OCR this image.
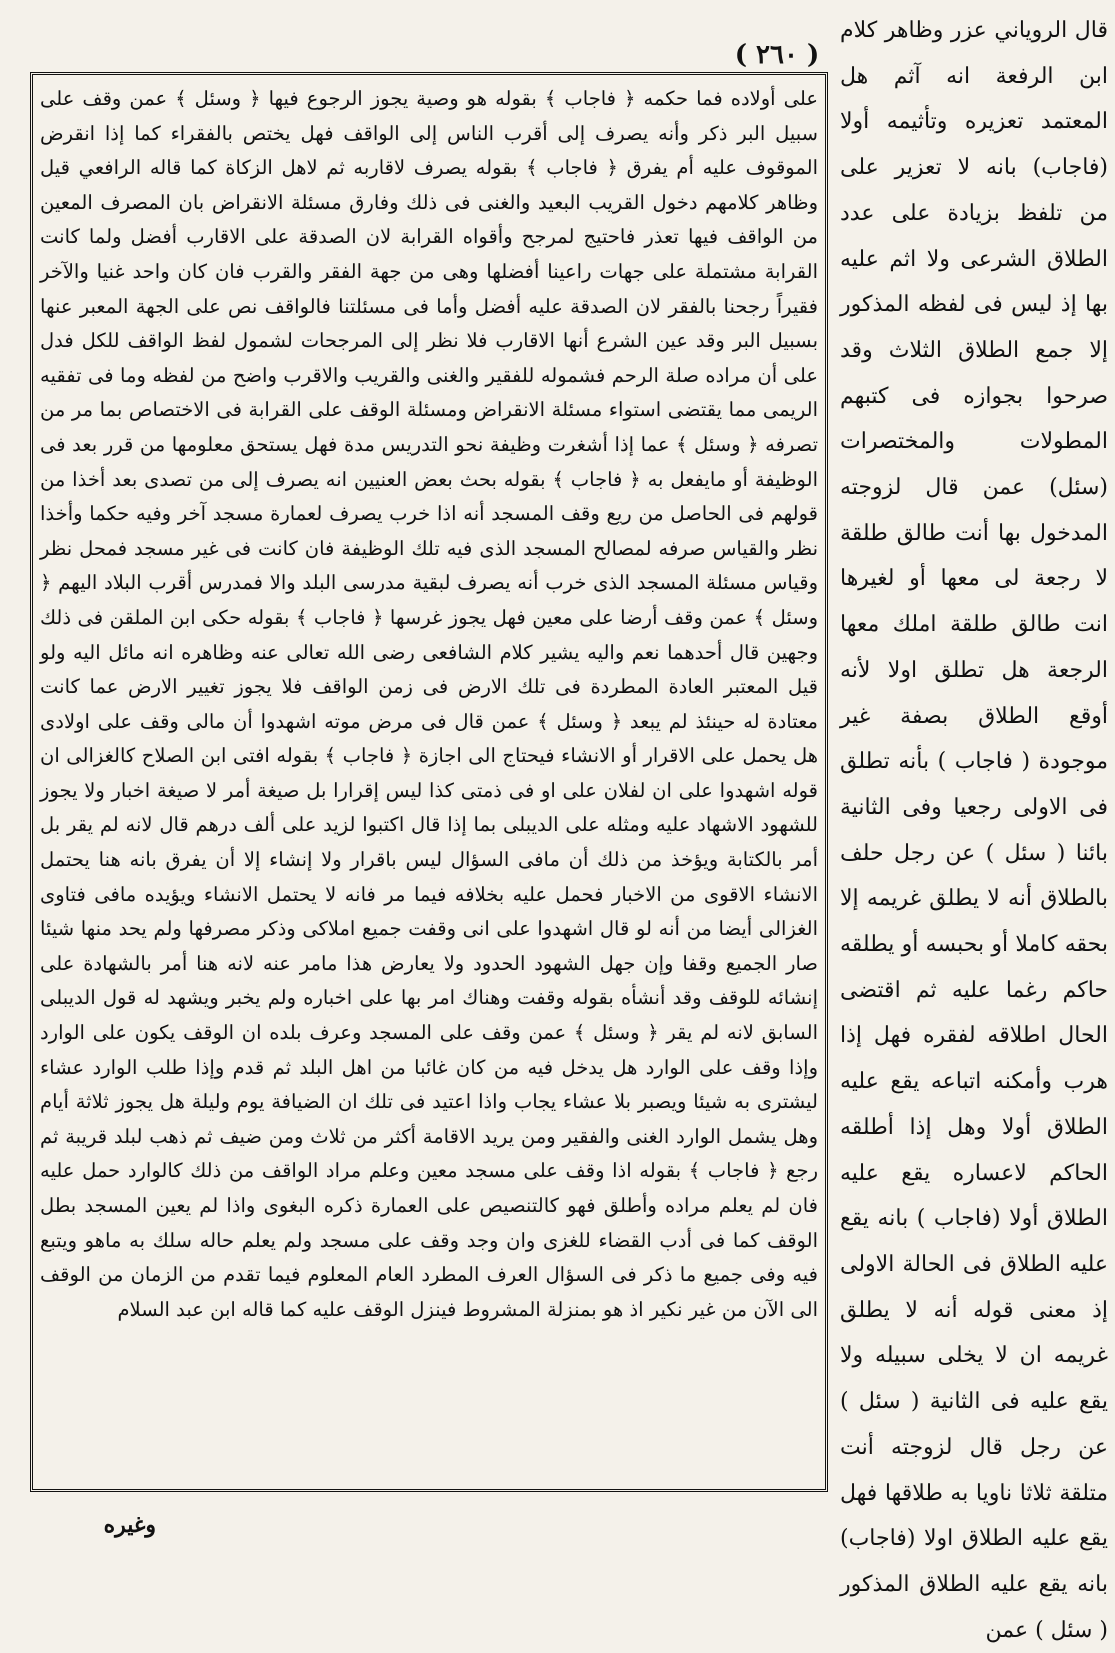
( ٢٦٠ )

على أولاده فما حكمه ﴿ فاجاب ﴾ بقوله هو وصية يجوز الرجوع فيها ﴿ وسئل ﴾ عمن وقف على سبيل البر ذكر وأنه يصرف إلى أقرب الناس إلى الواقف فهل يختص بالفقراء كما إذا انقرض الموقوف عليه أم يفرق ﴿ فاجاب ﴾ بقوله يصرف لاقاربه ثم لاهل الزكاة كما قاله الرافعي قيل وظاهر كلامهم دخول القريب البعيد والغنى فى ذلك وفارق مسئلة الانقراض بان المصرف المعين من الواقف فيها تعذر فاحتيج لمرجح وأقواه القرابة لان الصدقة على الاقارب أفضل ولما كانت القرابة مشتملة على جهات راعينا أفضلها وهى من جهة الفقر والقرب فان كان واحد غنيا والآخر فقيراً رجحنا بالفقر لان الصدقة عليه أفضل وأما فى مسئلتنا فالواقف نص على الجهة المعبر عنها بسبيل البر وقد عين الشرع أنها الاقارب فلا نظر إلى المرجحات لشمول لفظ الواقف للكل فدل على أن مراده صلة الرحم فشموله للفقير والغنى والقريب والاقرب واضح من لفظه وما فى تفقيه الريمى مما يقتضى استواء مسئلة الانقراض ومسئلة الوقف على القرابة فى الاختصاص بما مر من تصرفه ﴿ وسئل ﴾ عما إذا أشغرت وظيفة نحو التدريس مدة فهل يستحق معلومها من قرر بعد فى الوظيفة أو مايفعل به ﴿ فاجاب ﴾ بقوله بحث بعض العنيين انه يصرف إلى من تصدى بعد أخذا من قولهم فى الحاصل من ريع وقف المسجد أنه اذا خرب يصرف لعمارة مسجد آخر وفيه حكما وأخذا نظر والقياس صرفه لمصالح المسجد الذى فيه تلك الوظيفة فان كانت فى غير مسجد فمحل نظر وقياس مسئلة المسجد الذى خرب أنه يصرف لبقية مدرسى البلد والا فمدرس أقرب البلاد اليهم ﴿ وسئل ﴾ عمن وقف أرضا على معين فهل يجوز غرسها ﴿ فاجاب ﴾ بقوله حكى ابن الملقن فى ذلك وجهين قال أحدهما نعم واليه يشير كلام الشافعى رضى الله تعالى عنه وظاهره انه مائل اليه ولو قيل المعتبر العادة المطردة فى تلك الارض فى زمن الواقف فلا يجوز تغيير الارض عما كانت معتادة له حينئذ لم يبعد ﴿ وسئل ﴾ عمن قال فى مرض موته اشهدوا أن مالى وقف على اولادى هل يحمل على الاقرار أو الانشاء فيحتاج الى اجازة ﴿ فاجاب ﴾ بقوله افتى ابن الصلاح كالغزالى ان قوله اشهدوا على ان لفلان على او فى ذمتى كذا ليس إقرارا بل صيغة أمر لا صيغة اخبار ولا يجوز للشهود الاشهاد عليه ومثله على الديبلى بما إذا قال اكتبوا لزيد على ألف درهم قال لانه لم يقر بل أمر بالكتابة ويؤخذ من ذلك أن مافى السؤال ليس باقرار ولا إنشاء إلا أن يفرق بانه هنا يحتمل الانشاء الاقوى من الاخبار فحمل عليه بخلافه فيما مر فانه لا يحتمل الانشاء ويؤيده مافى فتاوى الغزالى أيضا من أنه لو قال اشهدوا على انى وقفت جميع املاكى وذكر مصرفها ولم يحد منها شيئا صار الجميع وقفا وإن جهل الشهود الحدود ولا يعارض هذا مامر عنه لانه هنا أمر بالشهادة على إنشائه للوقف وقد أنشأه بقوله وقفت وهناك امر بها على اخباره ولم يخبر ويشهد له قول الديبلى السابق لانه لم يقر ﴿ وسئل ﴾ عمن وقف على المسجد وعرف بلده ان الوقف يكون على الوارد وإذا وقف على الوارد هل يدخل فيه من كان غائبا من اهل البلد ثم قدم وإذا طلب الوارد عشاء ليشترى به شيئا ويصبر بلا عشاء يجاب واذا اعتيد فى تلك ان الضيافة يوم وليلة هل يجوز ثلاثة أيام وهل يشمل الوارد الغنى والفقير ومن يريد الاقامة أكثر من ثلاث ومن ضيف ثم ذهب لبلد قريبة ثم رجع ﴿ فاجاب ﴾ بقوله اذا وقف على مسجد معين وعلم مراد الواقف من ذلك كالوارد حمل عليه فان لم يعلم مراده وأطلق فهو كالتنصيص على العمارة ذكره البغوى واذا لم يعين المسجد بطل الوقف كما فى أدب القضاء للغزى وان وجد وقف على مسجد ولم يعلم حاله سلك به ماهو ويتبع فيه وفى جميع ما ذكر فى السؤال العرف المطرد العام المعلوم فيما تقدم من الزمان من الوقف الى الآن من غير نكير اذ هو بمنزلة المشروط فينزل الوقف عليه كما قاله ابن عبد السلام

قال الروياني عزر وظاهر كلام ابن الرفعة انه آثم هل المعتمد تعزيره وتأثيمه أولا (فاجاب) بانه لا تعزير على من تلفظ بزيادة على عدد الطلاق الشرعى ولا اثم عليه بها إذ ليس فى لفظه المذكور إلا جمع الطلاق الثلاث وقد صرحوا بجوازه فى كتبهم المطولات والمختصرات (سئل) عمن قال لزوجته المدخول بها أنت طالق طلقة لا رجعة لى معها أو لغيرها انت طالق طلقة املك معها الرجعة هل تطلق اولا لأنه أوقع الطلاق بصفة غير موجودة ( فاجاب ) بأنه تطلق فى الاولى رجعيا وفى الثانية بائنا ( سئل ) عن رجل حلف بالطلاق أنه لا يطلق غريمه إلا بحقه كاملا أو بحبسه أو يطلقه حاكم رغما عليه ثم اقتضى الحال اطلاقه لفقره فهل إذا هرب وأمكنه اتباعه يقع عليه الطلاق أولا وهل إذا أطلقه الحاكم لاعساره يقع عليه الطلاق أولا (فاجاب ) بانه يقع عليه الطلاق فى الحالة الاولى إذ معنى قوله أنه لا يطلق غريمه ان لا يخلى سبيله ولا يقع عليه فى الثانية ( سئل ) عن رجل قال لزوجته أنت متلقة ثلاثا ناويا به طلاقها فهل يقع عليه الطلاق اولا (فاجاب) بانه يقع عليه الطلاق المذكور ( سئل ) عمن

وغيره
